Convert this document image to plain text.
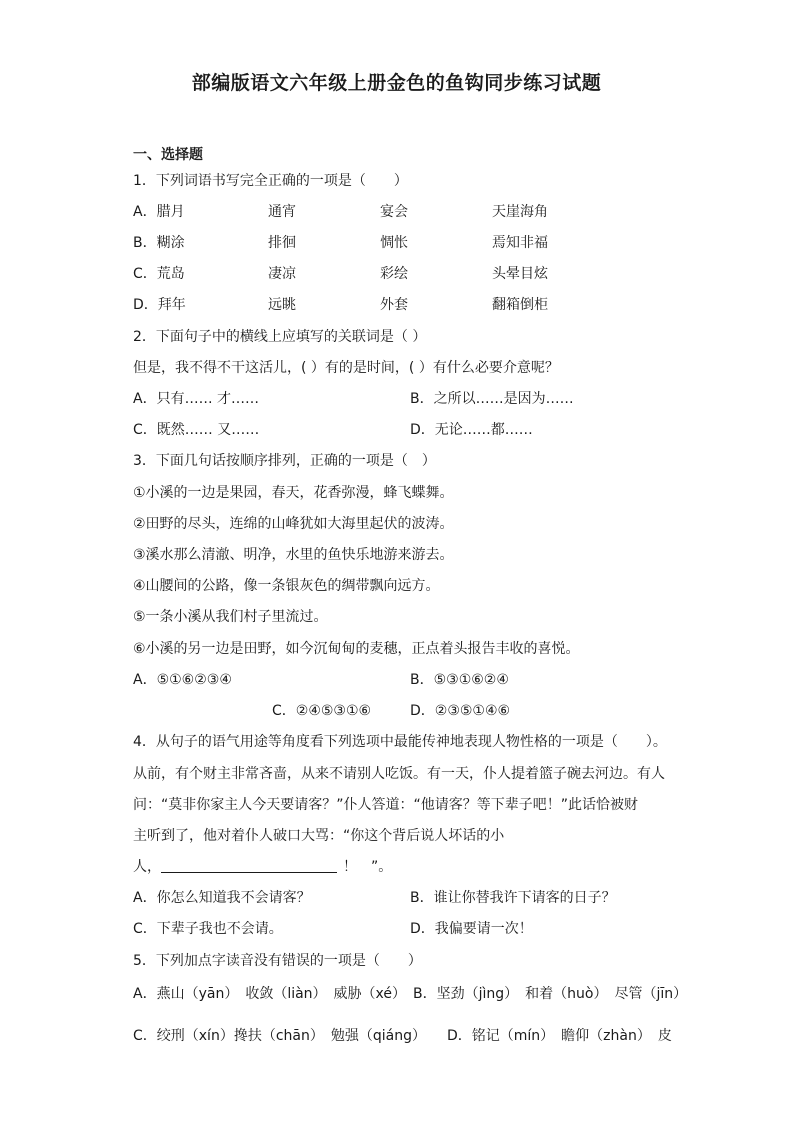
部编版语文六年级上册金色的鱼钩同步练习试题
一、选择题
1．下列词语书写完全正确的一项是（　　）
A．腊月	通宵	宴会	天崖海角
B．糊涂	排徊	惆怅	焉知非福
C．荒岛	凄凉	彩绘	头晕目炫
D．拜年	远眺	外套	翻箱倒柜
2．下面句子中的横线上应填写的关联词是（ ）
但是，我不得不干这活儿，( ）有的是时间，( ）有什么必要介意呢？
A．只有…… 才……	B．之所以……是因为……
C．既然…… 又……	D．无论……都……
3．下面几句话按顺序排列，正确的一项是（　）
①小溪的一边是果园，春天，花香弥漫，蜂飞蝶舞。
②田野的尽头，连绵的山峰犹如大海里起伏的波涛。
③溪水那么清澈、明净，水里的鱼快乐地游来游去。
④山腰间的公路，像一条银灰色的绸带飘向远方。
⑤一条小溪从我们村子里流过。
⑥小溪的另一边是田野，如今沉甸甸的麦穗，正点着头报告丰收的喜悦。
A．⑤①⑥②③④	B．⑤③①⑥②④
C．②④⑤③①⑥	D．②③⑤①④⑥
4．从句子的语气用途等角度看下列选项中最能传神地表现人物性格的一项是（　　）。
从前，有个财主非常吝啬，从来不请别人吃饭。有一天，仆人提着篮子碗去河边。有人
问：“莫非你家主人今天要请客？”仆人答道：“他请客？等下辈子吧！”此话恰被财
主听到了，他对着仆人破口大骂：“你这个背后说人坏话的小
人，	！　”。
A．你怎么知道我不会请客？	B．谁让你替我许下请客的日子？
C．下辈子我也不会请。	D．我偏要请一次！
5．下列加点字读音没有错误的一项是（　　）
A．燕山（yān）　收敛（liàn）　威胁（xé）　B．坚劲（jìng）　和着（huò）　尽管（jīn）
C．绞刑（xín）搀扶（chān）　勉强（qiáng）　　D．铭记（mín）　瞻仰（zhàn）　皮
